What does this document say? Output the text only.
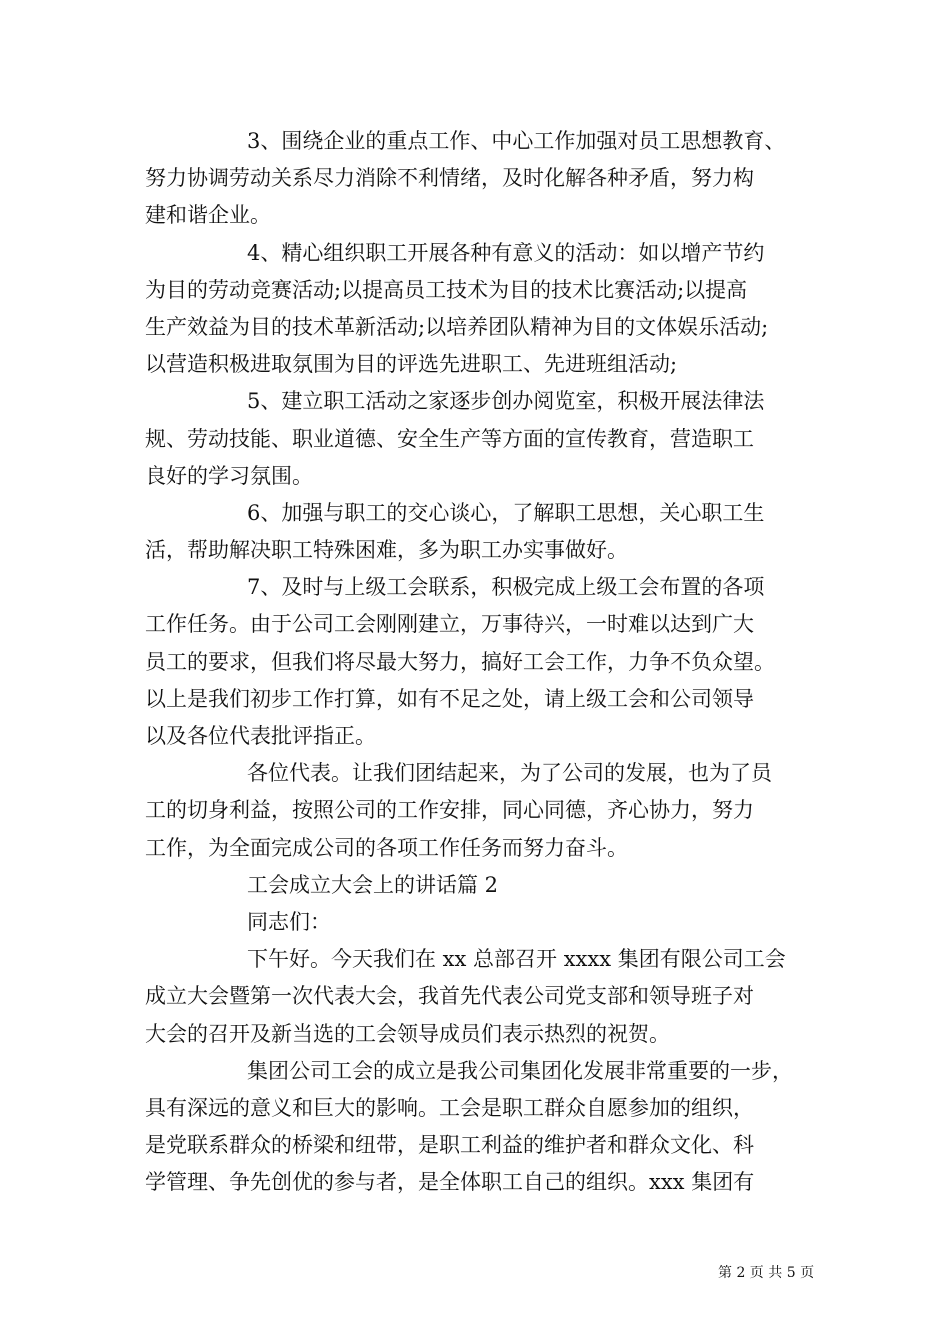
3、围绕企业的重点工作、中心工作加强对员工思想教育、
努力协调劳动关系尽力消除不利情绪，及时化解各种矛盾，努力构
建和谐企业。
4、精心组织职工开展各种有意义的活动：如以增产节约
为目的劳动竞赛活动;以提高员工技术为目的技术比赛活动;以提高
生产效益为目的技术革新活动;以培养团队精神为目的文体娱乐活动;
以营造积极进取氛围为目的评选先进职工、先进班组活动;
5、建立职工活动之家逐步创办阅览室，积极开展法律法
规、劳动技能、职业道德、安全生产等方面的宣传教育，营造职工
良好的学习氛围。
6、加强与职工的交心谈心，了解职工思想，关心职工生
活，帮助解决职工特殊困难，多为职工办实事做好。
7、及时与上级工会联系，积极完成上级工会布置的各项
工作任务。由于公司工会刚刚建立，万事待兴，一时难以达到广大
员工的要求，但我们将尽最大努力，搞好工会工作，力争不负众望。
以上是我们初步工作打算，如有不足之处，请上级工会和公司领导
以及各位代表批评指正。
各位代表。让我们团结起来，为了公司的发展，也为了员
工的切身利益，按照公司的工作安排，同心同德，齐心协力，努力
工作，为全面完成公司的各项工作任务而努力奋斗。
工会成立大会上的讲话篇 2
同志们：
下午好。今天我们在 xx 总部召开 xxxx 集团有限公司工会
成立大会暨第一次代表大会，我首先代表公司党支部和领导班子对
大会的召开及新当选的工会领导成员们表示热烈的祝贺。
集团公司工会的成立是我公司集团化发展非常重要的一步，
具有深远的意义和巨大的影响。工会是职工群众自愿参加的组织，
是党联系群众的桥梁和纽带，是职工利益的维护者和群众文化、科
学管理、争先创优的参与者，是全体职工自己的组织。xxx 集团有
第 2 页 共 5 页
